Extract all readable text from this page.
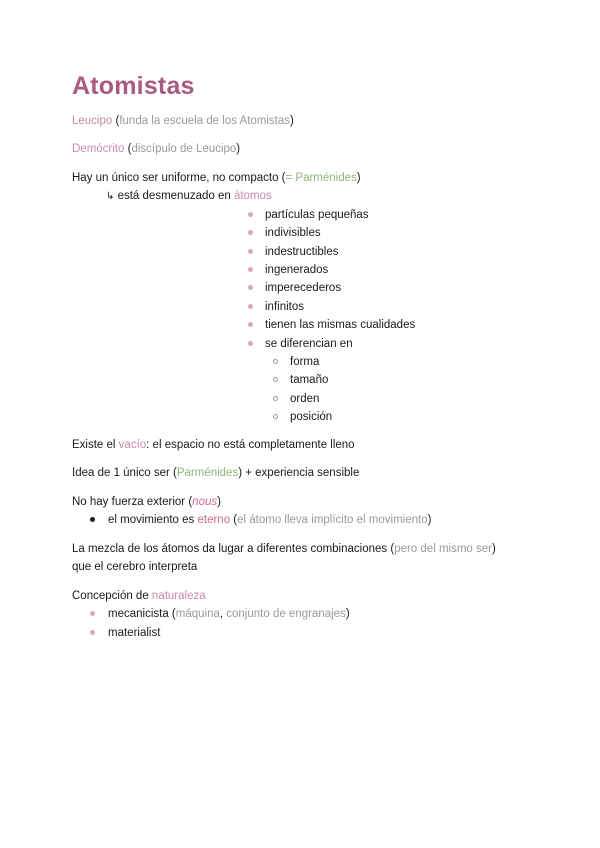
Atomistas
Leucipo (funda la escuela de los Atomistas)
Demócrito (discípulo de Leucipo)
Hay un único ser uniforme, no compacto (= Parménides)
↳ está desmenuzado en átomos
partículas pequeñas
indivisibles
indestructibles
ingenerados
imperecederos
infinitos
tienen las mismas cualidades
se diferencian en
forma
tamaño
orden
posición
Existe el vacío: el espacio no está completamente lleno
Idea de 1 único ser (Parménides) + experiencia sensible
No hay fuerza exterior (nous)
el movimiento es eterno (el átomo lleva implícito el movimiento)
La mezcla de los átomos da lugar a diferentes combinaciones (pero del mismo ser)
que el cerebro interpreta
Concepción de naturaleza
mecanicista (máquina, conjunto de engranajes)
materialist
